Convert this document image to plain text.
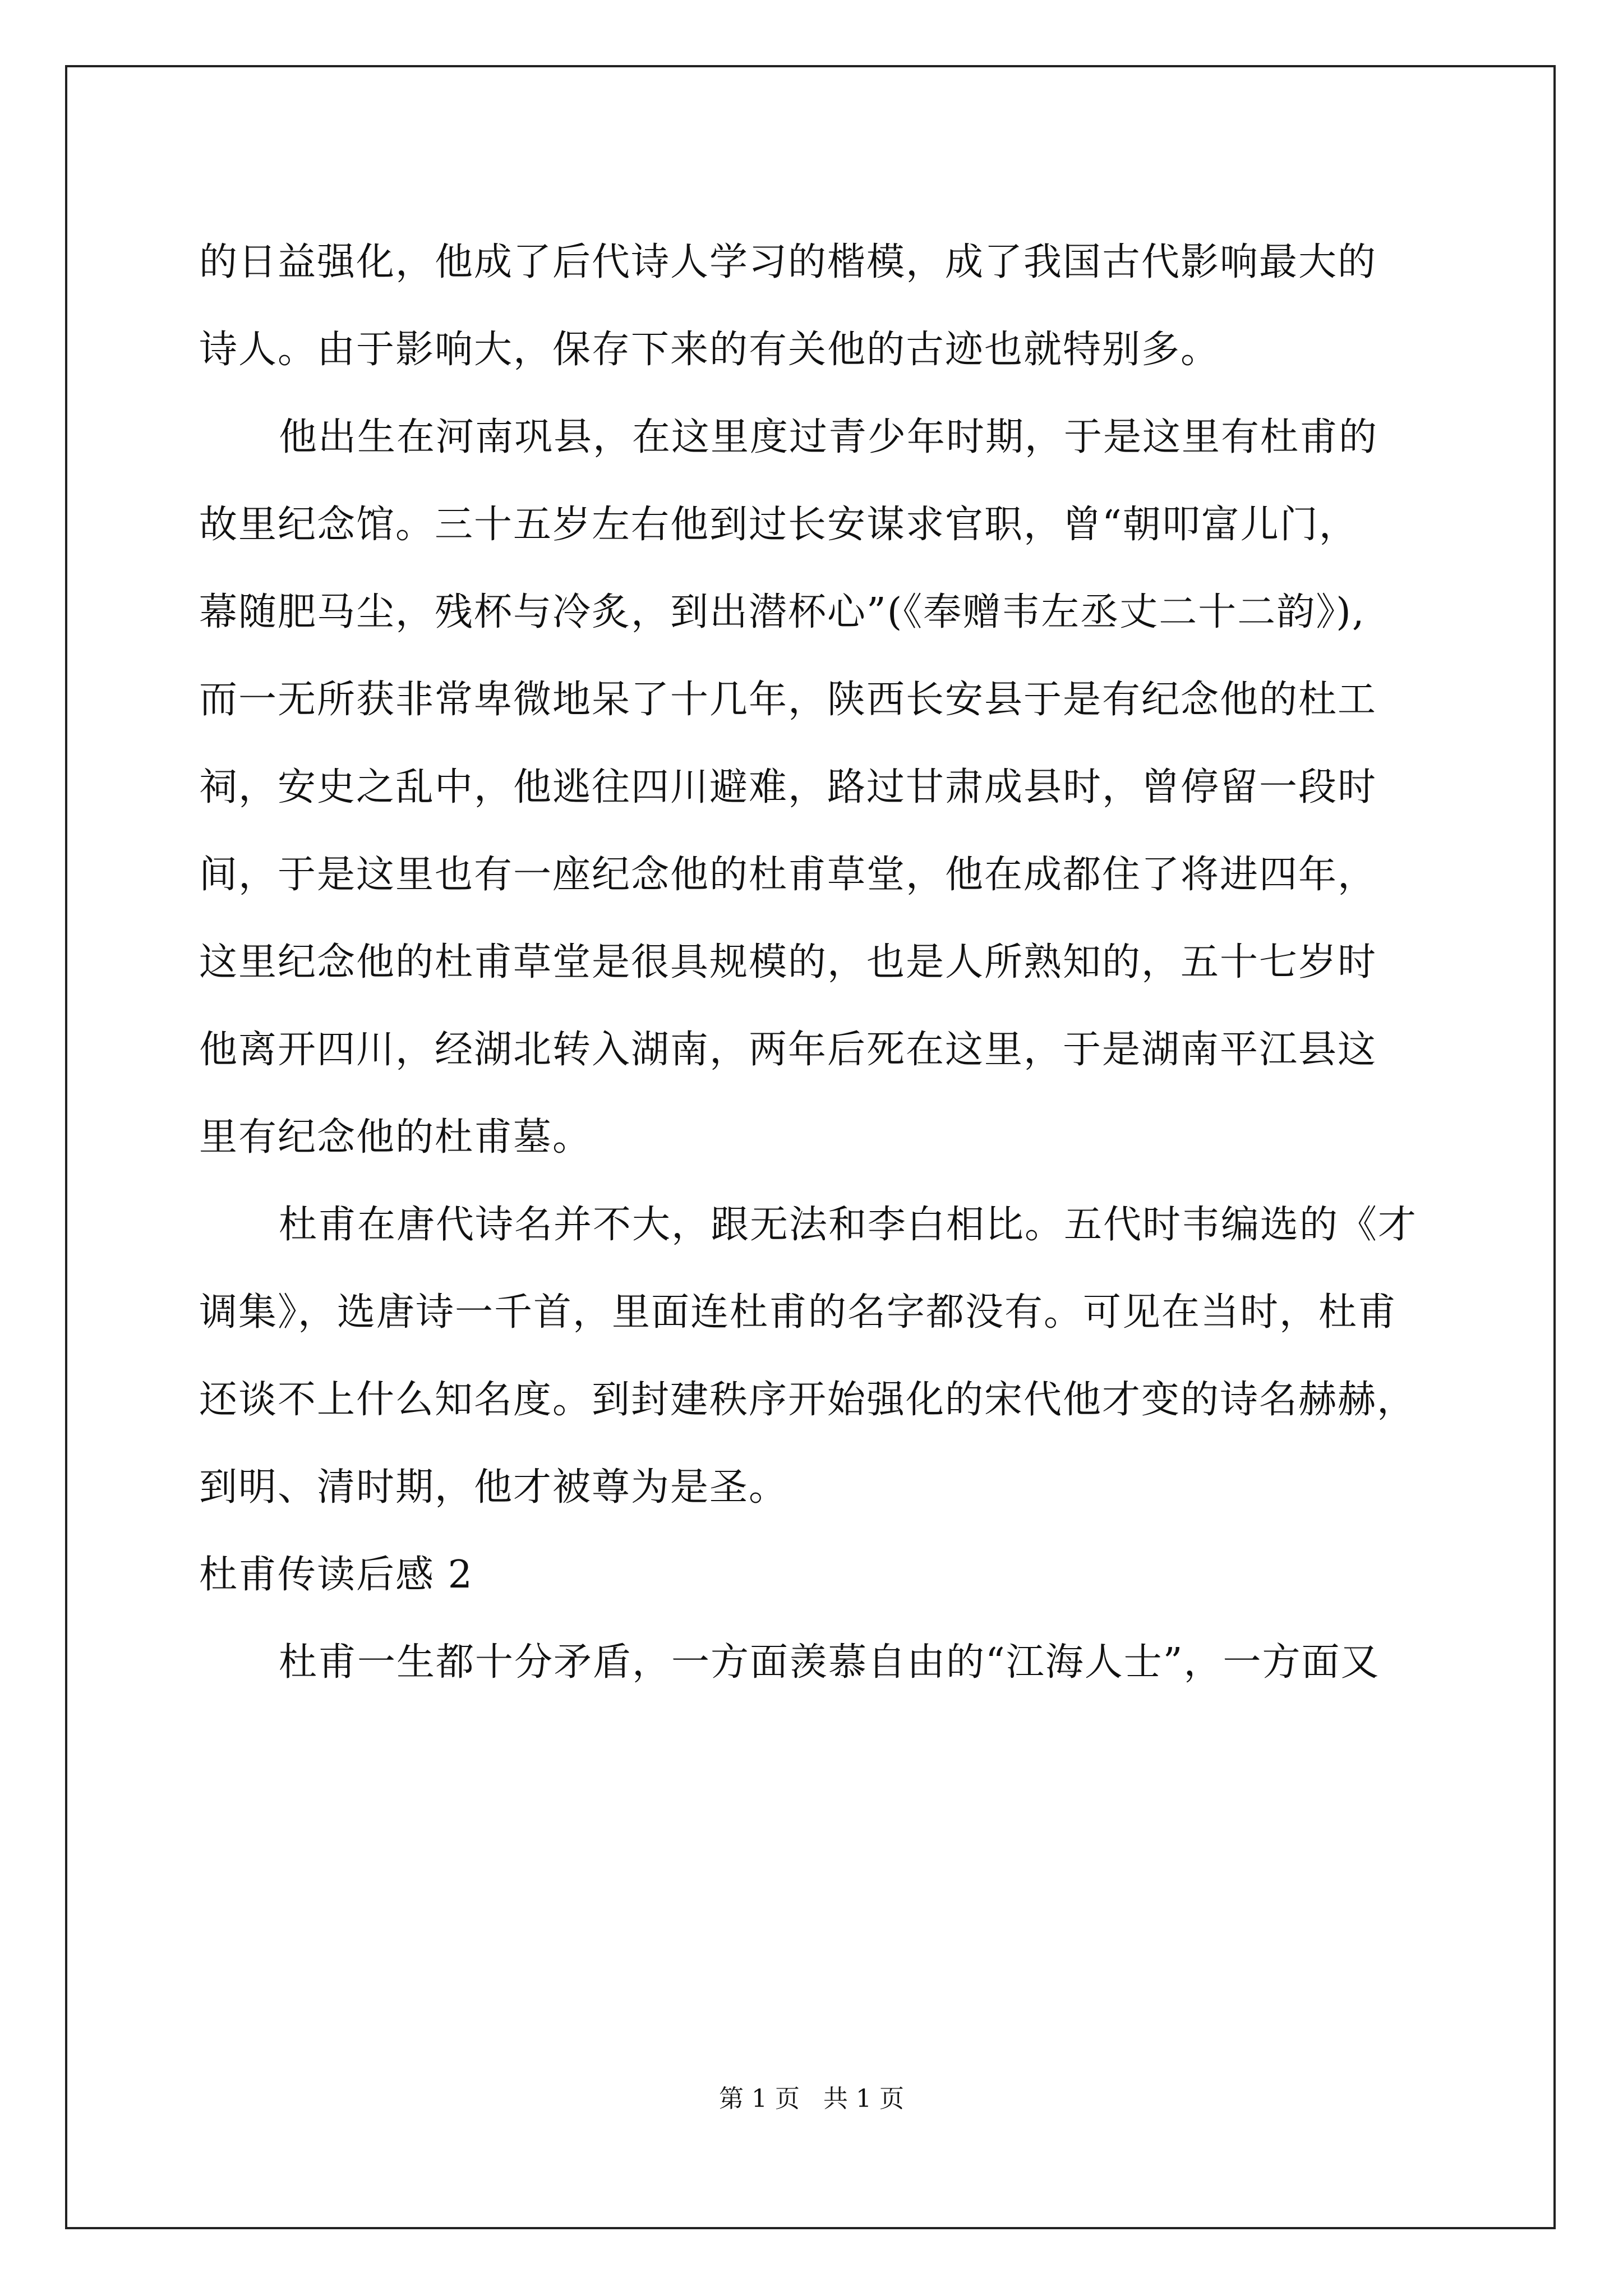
的日益强化，他成了后代诗人学习的楷模，成了我国古代影响最大的
诗人。由于影响大，保存下来的有关他的古迹也就特别多。

他出生在河南巩县，在这里度过青少年时期，于是这里有杜甫的
故里纪念馆。三十五岁左右他到过长安谋求官职，曾“朝叩富儿门，
幕随肥马尘，残杯与冷炙，到出潜杯心”(《奉赠韦左丞丈二十二韵》),
而一无所获非常卑微地呆了十几年，陕西长安县于是有纪念他的杜工
祠，安史之乱中，他逃往四川避难，路过甘肃成县时，曾停留一段时
间，于是这里也有一座纪念他的杜甫草堂，他在成都住了将进四年，
这里纪念他的杜甫草堂是很具规模的，也是人所熟知的，五十七岁时
他离开四川，经湖北转入湖南，两年后死在这里，于是湖南平江县这
里有纪念他的杜甫墓。

杜甫在唐代诗名并不大，跟无法和李白相比。五代时韦编选的《才
调集》，选唐诗一千首，里面连杜甫的名字都没有。可见在当时，杜甫
还谈不上什么知名度。到封建秩序开始强化的宋代他才变的诗名赫赫，
到明、清时期，他才被尊为是圣。

杜甫传读后感 2

杜甫一生都十分矛盾，一方面羡慕自由的“江海人士”，一方面又

第 1 页 共 1 页
